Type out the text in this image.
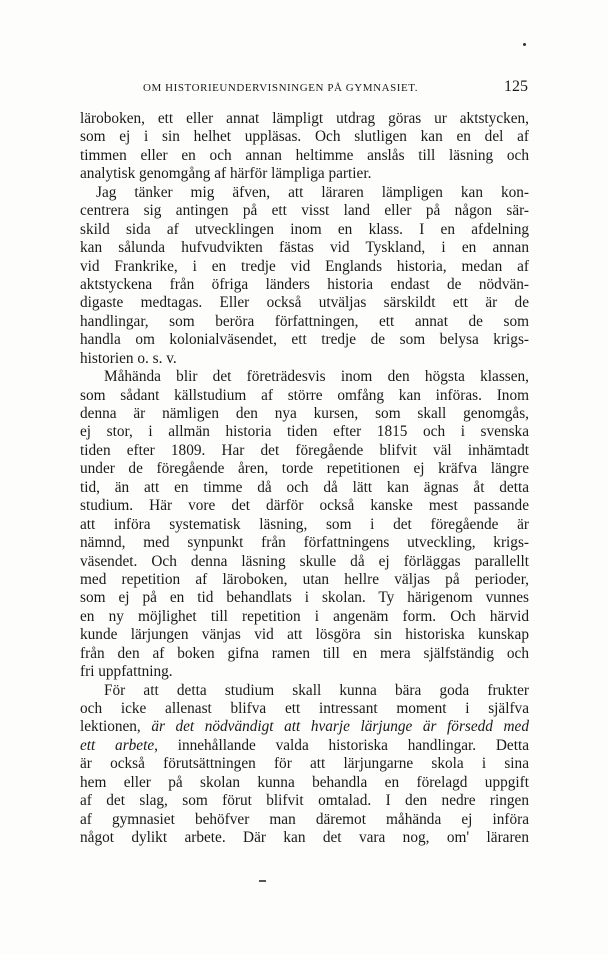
OM HISTORIEUNDERVISNINGEN PÅ GYMNASIET.	125
läroboken, ett eller annat lämpligt utdrag göras ur aktstycken,
som ej i sin helhet uppläsas. Och slutligen kan en del af
timmen eller en och annan heltimme anslås till läsning och
analytisk genomgång af härför lämpliga partier.
Jag tänker mig äfven, att läraren lämpligen kan kon-
centrera sig antingen på ett visst land eller på någon sär-
skild sida af utvecklingen inom en klass. I en afdelning
kan sålunda hufvudvikten fästas vid Tyskland, i en annan
vid Frankrike, i en tredje vid Englands historia, medan af
aktstyckena från öfriga länders historia endast de nödvän-
digaste medtagas. Eller också utväljas särskildt ett är de
handlingar, som beröra författningen, ett annat de som
handla om kolonialväsendet, ett tredje de som belysa krigs-
historien o. s. v.
Måhända blir det företrädesvis inom den högsta klassen,
som sådant källstudium af större omfång kan införas. Inom
denna är nämligen den nya kursen, som skall genomgås,
ej stor, i allmän historia tiden efter 1815 och i svenska
tiden efter 1809. Har det föregående blifvit väl inhämtadt
under de föregående åren, torde repetitionen ej kräfva längre
tid, än att en timme då och då lätt kan ägnas åt detta
studium. Här vore det därför också kanske mest passande
att införa systematisk läsning, som i det föregående är
nämnd, med synpunkt från författningens utveckling, krigs-
väsendet. Och denna läsning skulle då ej förläggas parallellt
med repetition af läroboken, utan hellre väljas på perioder,
som ej på en tid behandlats i skolan. Ty härigenom vunnes
en ny möjlighet till repetition i angenäm form. Och härvid
kunde lärjungen vänjas vid att lösgöra sin historiska kunskap
från den af boken gifna ramen till en mera själfständig och
fri uppfattning.
För att detta studium skall kunna bära goda frukter
och icke allenast blifva ett intressant moment i själfva
lektionen, är det nödvändigt att hvarje lärjunge är försedd med
ett arbete, innehållande valda historiska handlingar. Detta
är också förutsättningen för att lärjungarne skola i sina
hem eller på skolan kunna behandla en förelagd uppgift
af det slag, som förut blifvit omtalad. I den nedre ringen
af gymnasiet behöfver man däremot måhända ej införa
något dylikt arbete. Där kan det vara nog, om' läraren
